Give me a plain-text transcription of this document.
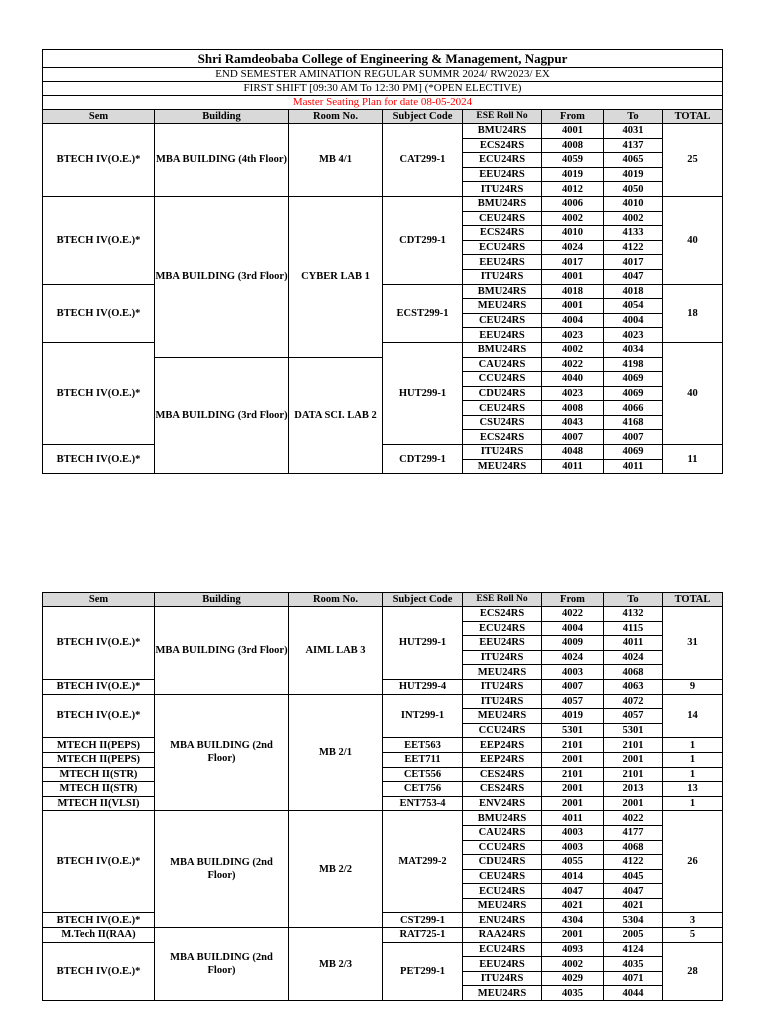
Shri Ramdeobaba College of Engineering & Management, Nagpur							
END SEMESTER AMINATION REGULAR SUMMR 2024/ RW2023/ EX							
FIRST SHIFT [09:30 AM To 12:30 PM] (*OPEN ELECTIVE)							
Master Seating Plan for date 08-05-2024							
Sem	Building	Room No.	Subject Code	ESE Roll No	From	To	TOTAL
BTECH IV(O.E.)*	MBA BUILDING (4th Floor)	MB 4/1	CAT299-1	BMU24RS	4001	4031	25
				ECS24RS	4008	4137	
				ECU24RS	4059	4065	
				EEU24RS	4019	4019	
				ITU24RS	4012	4050	
BTECH IV(O.E.)*	MBA BUILDING (3rd Floor)	CYBER LAB 1	CDT299-1	BMU24RS	4006	4010	40
				CEU24RS	4002	4002	
				ECS24RS	4010	4133	
				ECU24RS	4024	4122	
				EEU24RS	4017	4017	
				ITU24RS	4001	4047	
BTECH IV(O.E.)*			ECST299-1	BMU24RS	4018	4018	18
				MEU24RS	4001	4054	
				CEU24RS	4004	4004	
				EEU24RS	4023	4023	
BTECH IV(O.E.)*			HUT299-1	BMU24RS	4002	4034	40
	MBA BUILDING (3rd Floor)	DATA SCI. LAB 2		CAU24RS	4022	4198	
				CCU24RS	4040	4069	
				CDU24RS	4023	4069	
				CEU24RS	4008	4066	
				CSU24RS	4043	4168	
				ECS24RS	4007	4007	
BTECH IV(O.E.)*			CDT299-1	ITU24RS	4048	4069	11
				MEU24RS	4011	4011	
Sem	Building	Room No.	Subject Code	ESE Roll No	From	To	TOTAL
BTECH IV(O.E.)*	MBA BUILDING (3rd Floor)	AIML LAB 3	HUT299-1	ECS24RS	4022	4132	31
				ECU24RS	4004	4115	
				EEU24RS	4009	4011	
				ITU24RS	4024	4024	
				MEU24RS	4003	4068	
BTECH IV(O.E.)*			HUT299-4	ITU24RS	4007	4063	9
BTECH IV(O.E.)*	MBA BUILDING (2nd Floor)	MB 2/1	INT299-1	ITU24RS	4057	4072	14
				MEU24RS	4019	4057	
				CCU24RS	5301	5301	
MTECH II(PEPS)			EET563	EEP24RS	2101	2101	1
MTECH II(PEPS)			EET711	EEP24RS	2001	2001	1
MTECH II(STR)			CET556	CES24RS	2101	2101	1
MTECH II(STR)			CET756	CES24RS	2001	2013	13
MTECH II(VLSI)			ENT753-4	ENV24RS	2001	2001	1
BTECH IV(O.E.)*	MBA BUILDING (2nd Floor)	MB 2/2	MAT299-2	BMU24RS	4011	4022	26
				CAU24RS	4003	4177	
				CCU24RS	4003	4068	
				CDU24RS	4055	4122	
				CEU24RS	4014	4045	
				ECU24RS	4047	4047	
				MEU24RS	4021	4021	
BTECH IV(O.E.)*			CST299-1	ENU24RS	4304	5304	3
M.Tech II(RAA)	MBA BUILDING (2nd Floor)	MB 2/3	RAT725-1	RAA24RS	2001	2005	5
BTECH IV(O.E.)*			PET299-1	ECU24RS	4093	4124	28
				EEU24RS	4002	4035	
				ITU24RS	4029	4071	
				MEU24RS	4035	4044	
